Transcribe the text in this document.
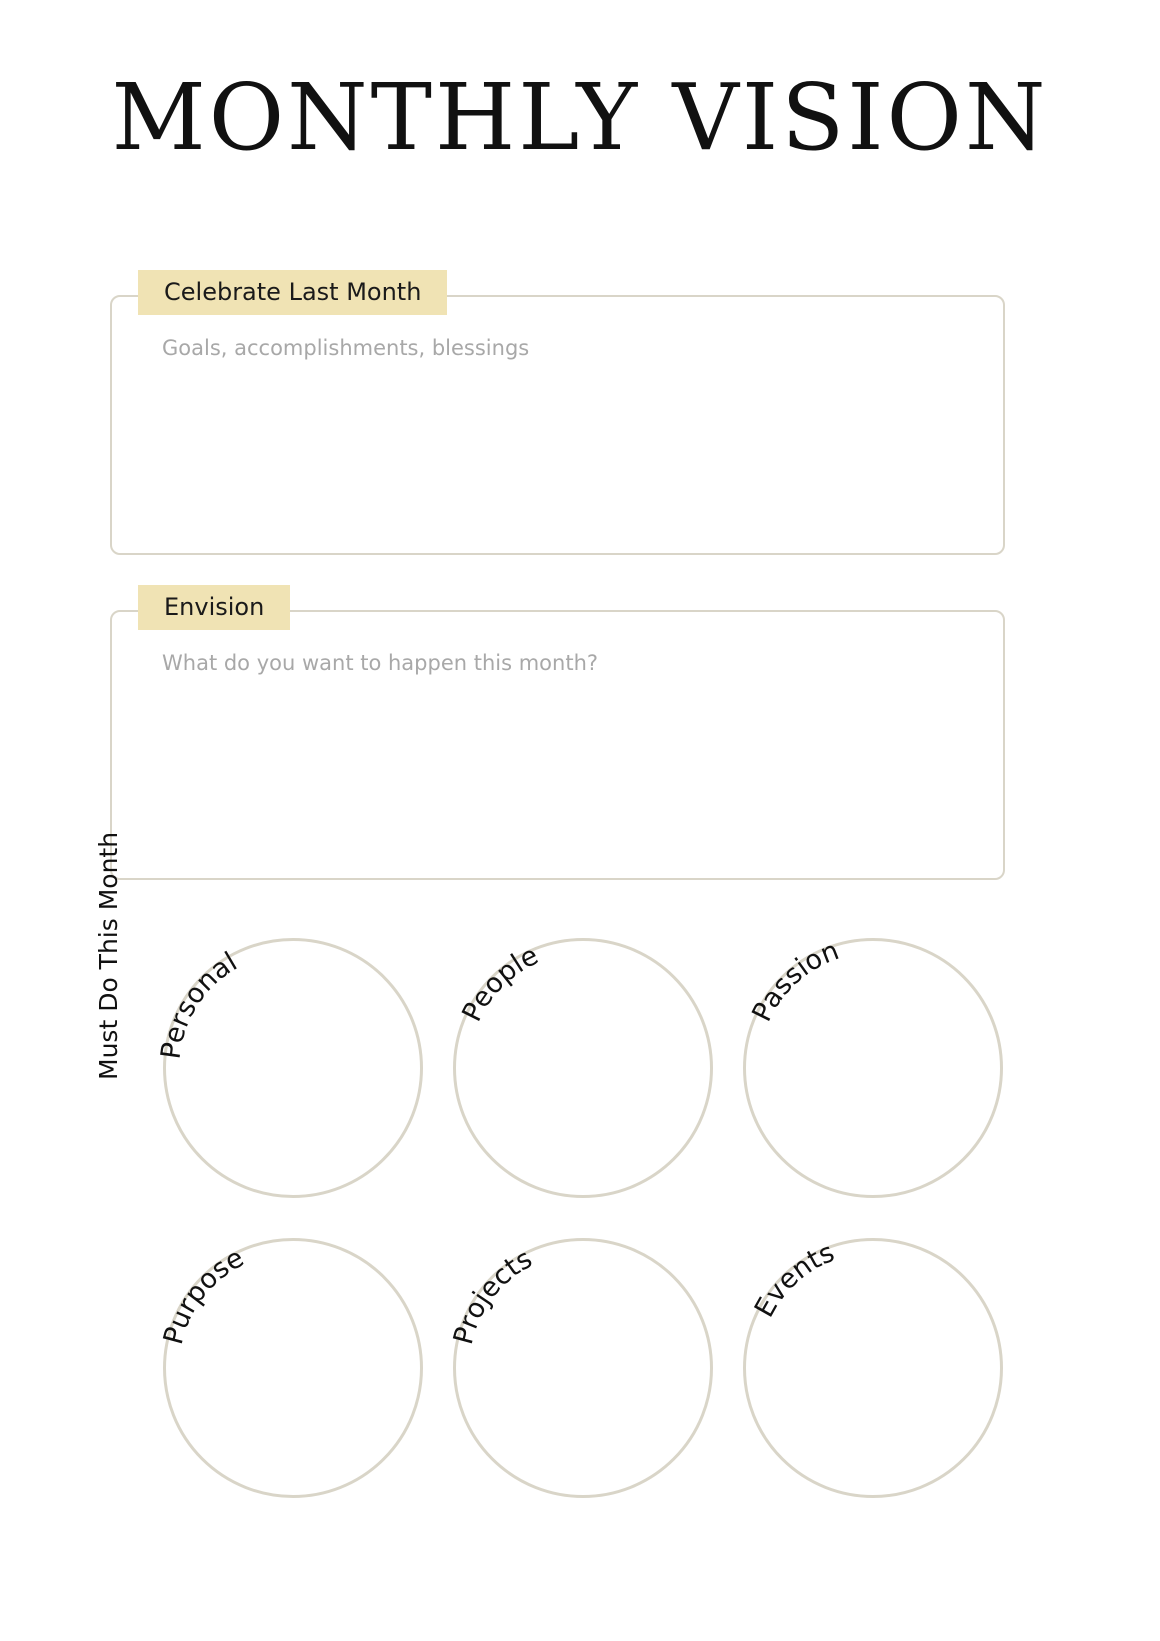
MONTHLY VISION
Celebrate Last Month
Goals, accomplishments, blessings
Envision
What do you want to happen this month?
Must Do This Month Personal
People
Passion
Purpose
Projects
Events
